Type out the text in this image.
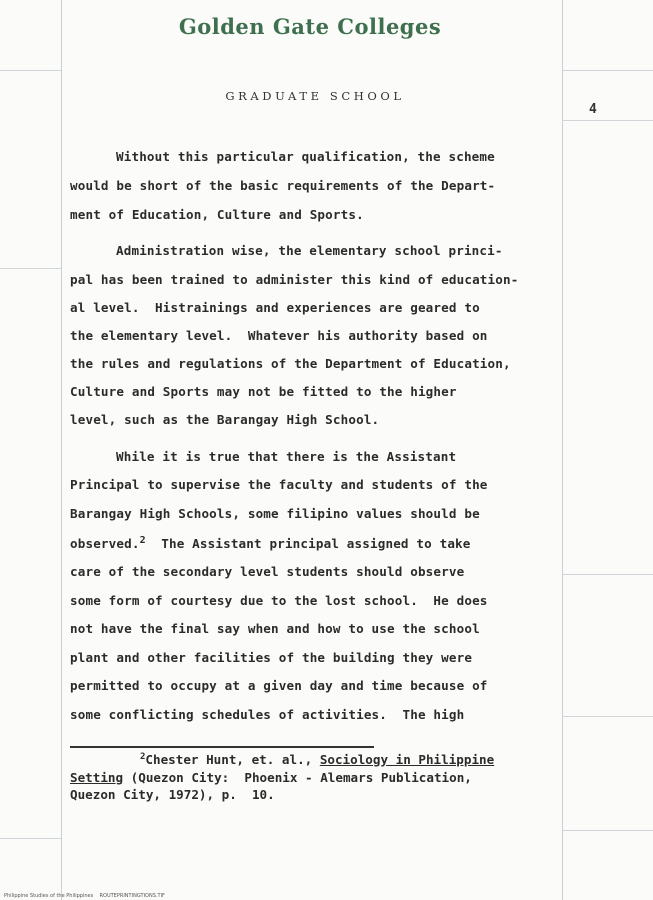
Golden Gate Colleges
GRADUATE SCHOOL
4
Without this particular qualification, the scheme
would be short of the basic requirements of the Depart-
ment of Education, Culture and Sports.
Administration wise, the elementary school princi-
pal has been trained to administer this kind of education-
al level.  Histrainings and experiences are geared to
the elementary level.  Whatever his authority based on
the rules and regulations of the Department of Education,
Culture and Sports may not be fitted to the higher
level, such as the Barangay High School.
While it is true that there is the Assistant
Principal to supervise the faculty and students of the
Barangay High Schools, some filipino values should be
observed.$^2$ The Assistant principal assigned to take
care of the secondary level students should observe
some form of courtesy due to the lost school.  He does
not have the final say when and how to use the school
plant and other facilities of the building they were
permitted to occupy at a given day and time because of
some conflicting schedules of activities.  The high
$^2$Chester Hunt, et. al., Sociology in Philippine
Setting (Quezon City:  Phoenix - Alemars Publication,
Quezon City, 1972), p.  10.
Philippine Studies of the Philippines    ROUTEPRINTINGTIONS.TIF
